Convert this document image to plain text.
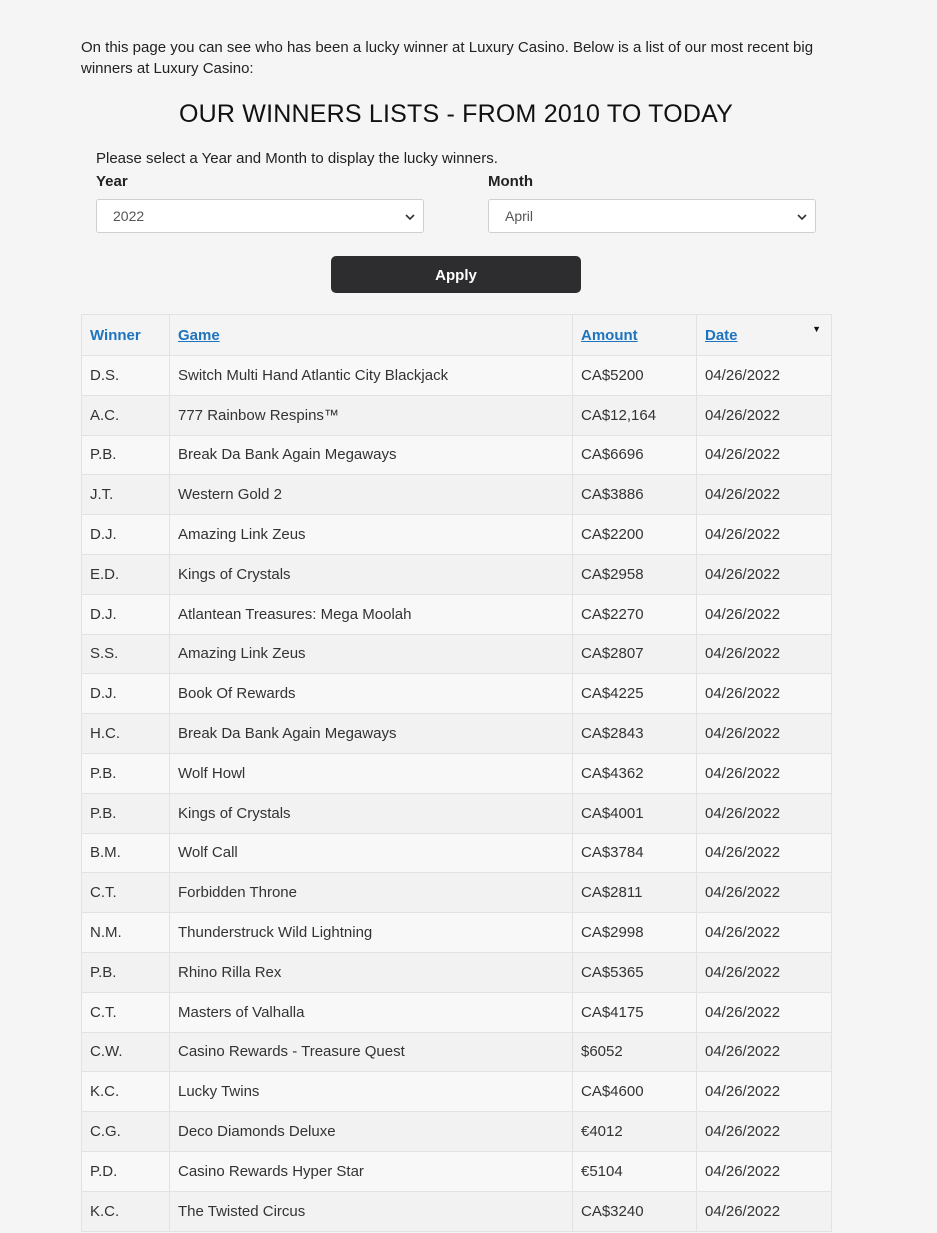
On this page you can see who has been a lucky winner at Luxury Casino. Below is a list of our most recent big winners at Luxury Casino:

OUR WINNERS LISTS - FROM 2010 TO TODAY

Please select a Year and Month to display the lucky winners.

Year	Month
2022	April
Apply
Winner	Game	Amount	Date ▼

D.S.	Switch Multi Hand Atlantic City Blackjack	CA$5200	04/26/2022
A.C.	777 Rainbow Respins™	CA$12,164	04/26/2022
P.B.	Break Da Bank Again Megaways	CA$6696	04/26/2022
J.T.	Western Gold 2	CA$3886	04/26/2022
D.J.	Amazing Link Zeus	CA$2200	04/26/2022
E.D.	Kings of Crystals	CA$2958	04/26/2022
D.J.	Atlantean Treasures: Mega Moolah	CA$2270	04/26/2022
S.S.	Amazing Link Zeus	CA$2807	04/26/2022
D.J.	Book Of Rewards	CA$4225	04/26/2022
H.C.	Break Da Bank Again Megaways	CA$2843	04/26/2022
P.B.	Wolf Howl	CA$4362	04/26/2022
P.B.	Kings of Crystals	CA$4001	04/26/2022
B.M.	Wolf Call	CA$3784	04/26/2022
C.T.	Forbidden Throne	CA$2811	04/26/2022
N.M.	Thunderstruck Wild Lightning	CA$2998	04/26/2022
P.B.	Rhino Rilla Rex	CA$5365	04/26/2022
C.T.	Masters of Valhalla	CA$4175	04/26/2022
C.W.	Casino Rewards - Treasure Quest	$6052	04/26/2022
K.C.	Lucky Twins	CA$4600	04/26/2022
C.G.	Deco Diamonds Deluxe	€4012	04/26/2022
P.D.	Casino Rewards Hyper Star	€5104	04/26/2022
K.C.	The Twisted Circus	CA$3240	04/26/2022
